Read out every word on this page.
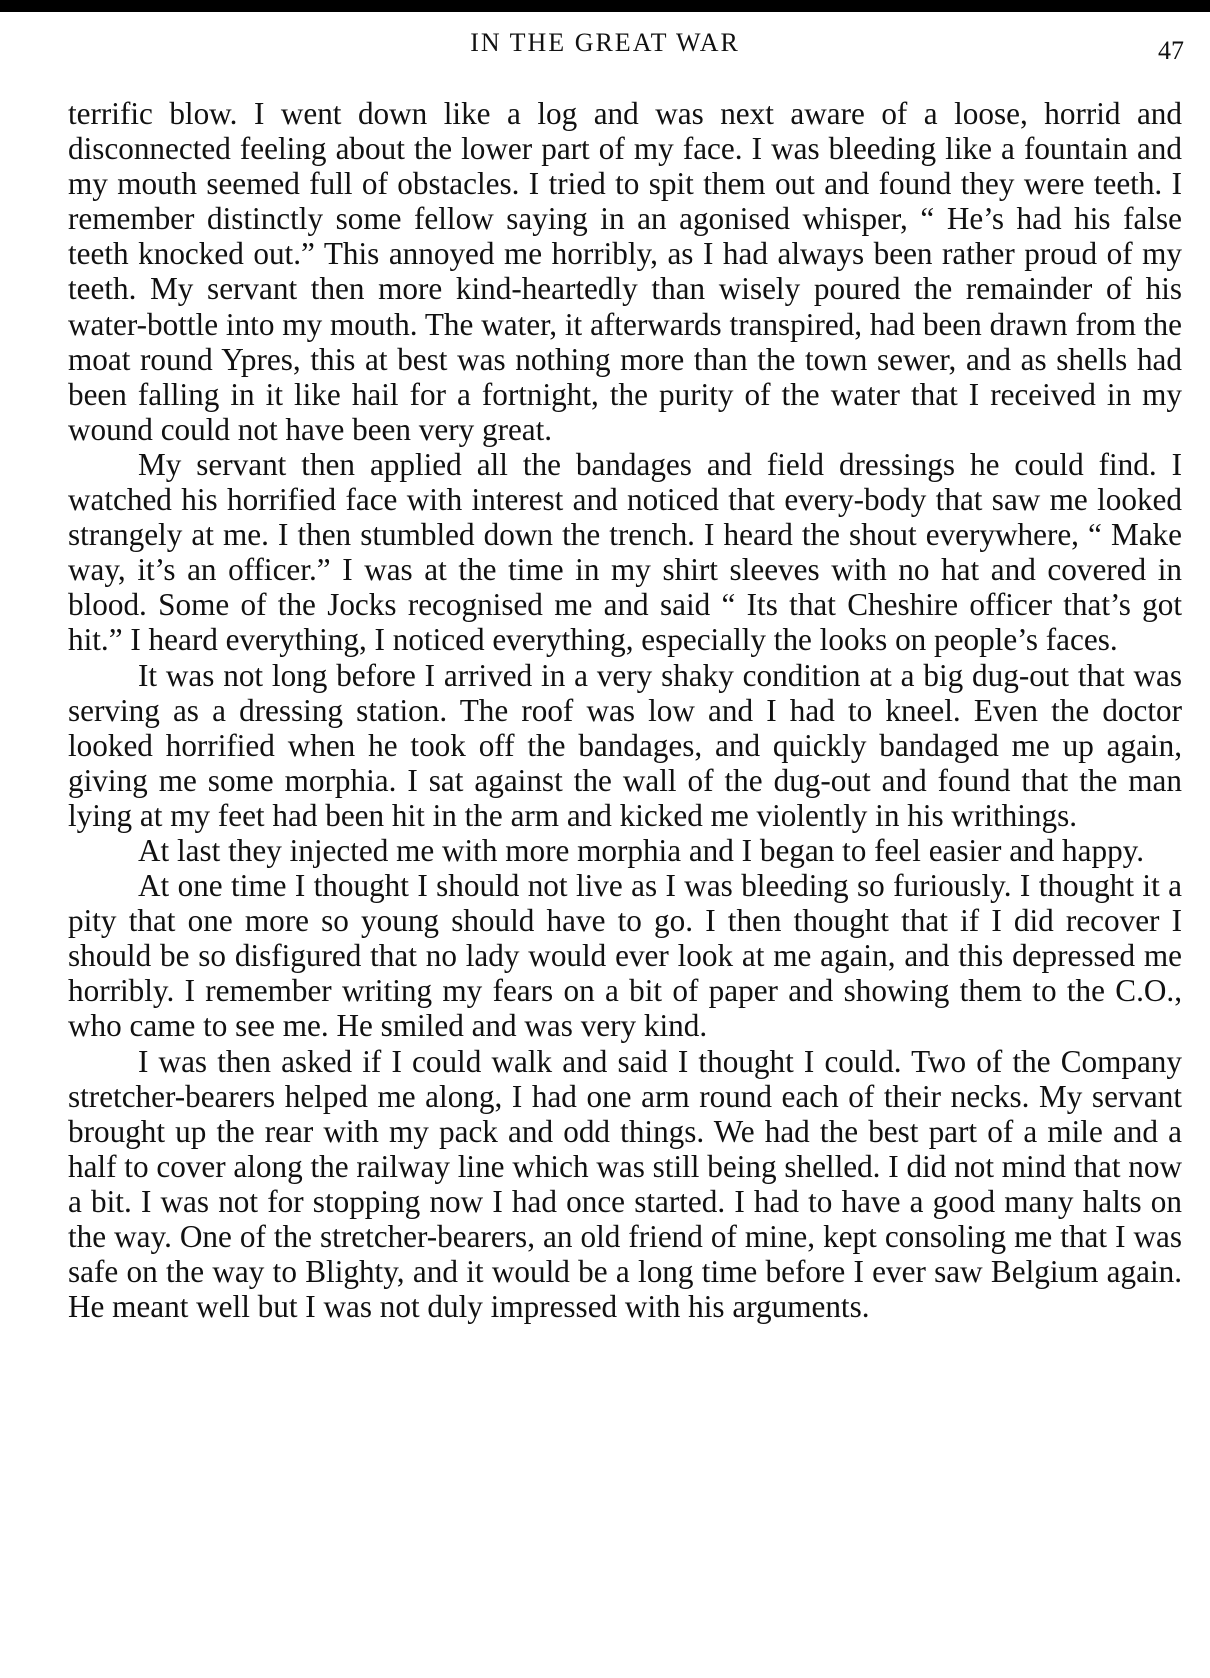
IN THE GREAT WAR	47

terrific blow. I went down like a log and was next aware of a loose, horrid and disconnected feeling about the lower part of my face. I was bleeding like a fountain and my mouth seemed full of obstacles. I tried to spit them out and found they were teeth. I remember distinctly some fellow saying in an agonised whisper, “ He’s had his false teeth knocked out.” This annoyed me horribly, as I had always been rather proud of my teeth. My servant then more kind-heartedly than wisely poured the remainder of his water-bottle into my mouth. The water, it afterwards transpired, had been drawn from the moat round Ypres, this at best was nothing more than the town sewer, and as shells had been falling in it like hail for a fortnight, the purity of the water that I received in my wound could not have been very great.

My servant then applied all the bandages and field dressings he could find. I watched his horrified face with interest and noticed that every-body that saw me looked strangely at me. I then stumbled down the trench. I heard the shout everywhere, “ Make way, it’s an officer.” I was at the time in my shirt sleeves with no hat and covered in blood. Some of the Jocks recognised me and said “ Its that Cheshire officer that’s got hit.” I heard everything, I noticed everything, especially the looks on people’s faces.

It was not long before I arrived in a very shaky condition at a big dug-out that was serving as a dressing station. The roof was low and I had to kneel. Even the doctor looked horrified when he took off the bandages, and quickly bandaged me up again, giving me some morphia. I sat against the wall of the dug-out and found that the man lying at my feet had been hit in the arm and kicked me violently in his writhings.

At last they injected me with more morphia and I began to feel easier and happy.

At one time I thought I should not live as I was bleeding so furiously. I thought it a pity that one more so young should have to go. I then thought that if I did recover I should be so disfigured that no lady would ever look at me again, and this depressed me horribly. I remember writing my fears on a bit of paper and showing them to the C.O., who came to see me. He smiled and was very kind.

I was then asked if I could walk and said I thought I could. Two of the Company stretcher-bearers helped me along, I had one arm round each of their necks. My servant brought up the rear with my pack and odd things. We had the best part of a mile and a half to cover along the railway line which was still being shelled. I did not mind that now a bit. I was not for stopping now I had once started. I had to have a good many halts on the way. One of the stretcher-bearers, an old friend of mine, kept consoling me that I was safe on the way to Blighty, and it would be a long time before I ever saw Belgium again. He meant well but I was not duly impressed with his arguments.
